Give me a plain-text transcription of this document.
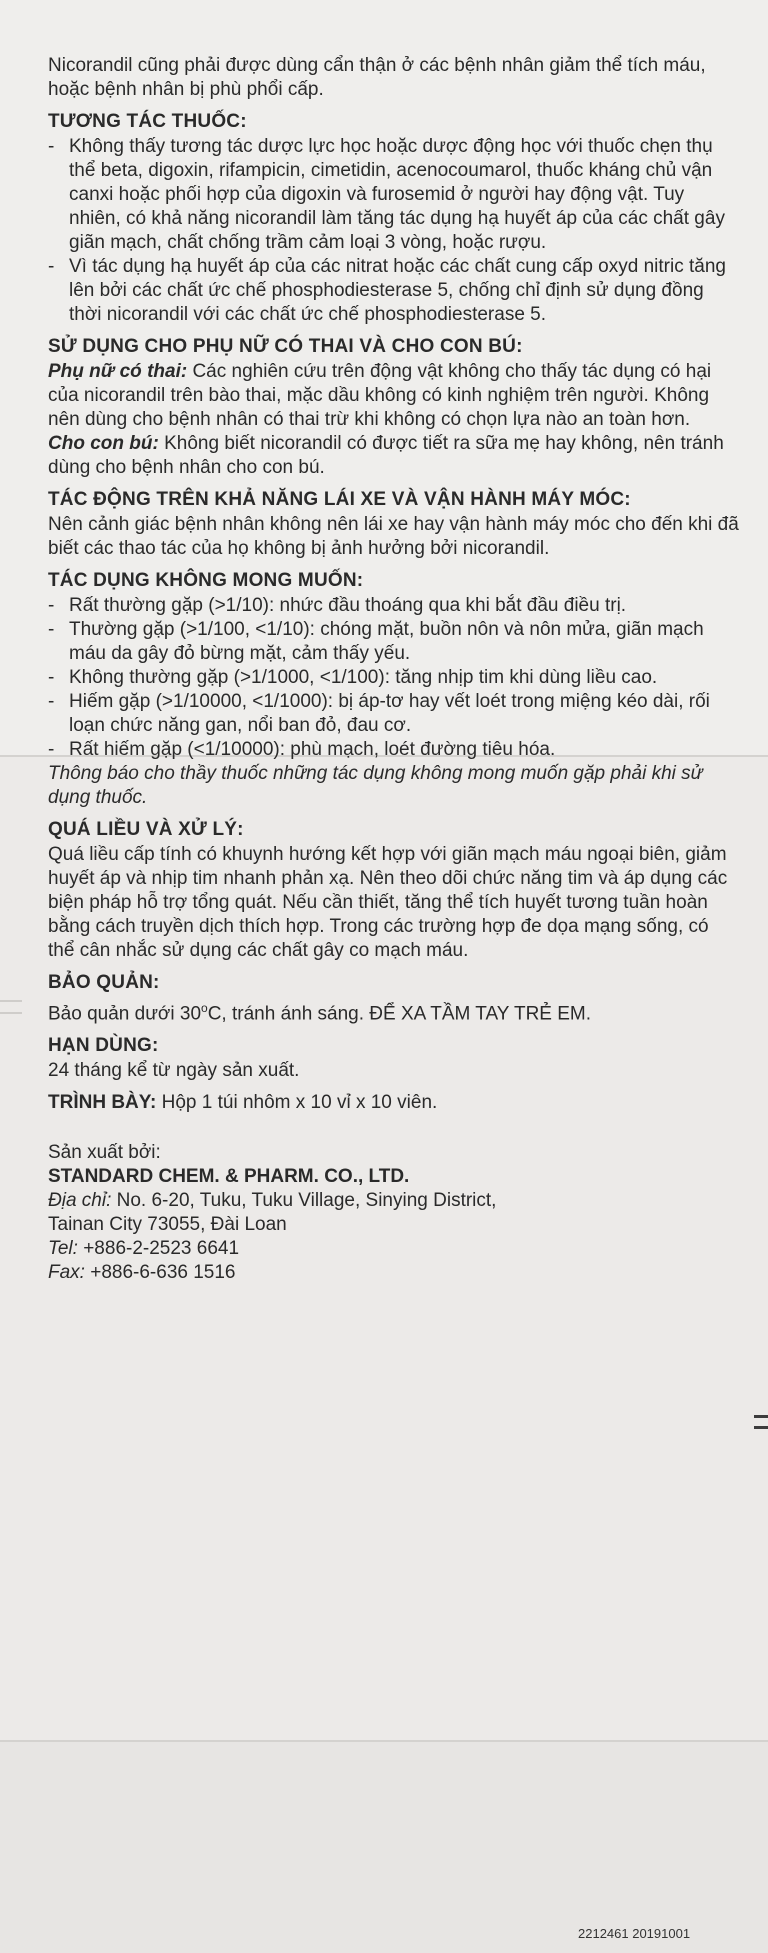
Nicorandil cũng phải được dùng cẩn thận ở các bệnh nhân giảm thể tích máu, hoặc bệnh nhân bị phù phổi cấp.

TƯƠNG TÁC THUỐC:
- Không thấy tương tác dược lực học hoặc dược động học với thuốc chẹn thụ thể beta, digoxin, rifampicin, cimetidin, acenocoumarol, thuốc kháng chủ vận canxi hoặc phối hợp của digoxin và furosemid ở người hay động vật. Tuy nhiên, có khả năng nicorandil làm tăng tác dụng hạ huyết áp của các chất gây giãn mạch, chất chống trầm cảm loại 3 vòng, hoặc rượu.
- Vì tác dụng hạ huyết áp của các nitrat hoặc các chất cung cấp oxyd nitric tăng lên bởi các chất ức chế phosphodiesterase 5, chống chỉ định sử dụng đồng thời nicorandil với các chất ức chế phosphodiesterase 5.
SỬ DỤNG CHO PHỤ NỮ CÓ THAI VÀ CHO CON BÚ:

Phụ nữ có thai: Các nghiên cứu trên động vật không cho thấy tác dụng có hại của nicorandil trên bào thai, mặc dầu không có kinh nghiệm trên người. Không nên dùng cho bệnh nhân có thai trừ khi không có chọn lựa nào an toàn hơn.

Cho con bú: Không biết nicorandil có được tiết ra sữa mẹ hay không, nên tránh dùng cho bệnh nhân cho con bú.

TÁC ĐỘNG TRÊN KHẢ NĂNG LÁI XE VÀ VẬN HÀNH MÁY MÓC:

Nên cảnh giác bệnh nhân không nên lái xe hay vận hành máy móc cho đến khi đã biết các thao tác của họ không bị ảnh hưởng bởi nicorandil.

TÁC DỤNG KHÔNG MONG MUỐN:
- Rất thường gặp (>1/10): nhức đầu thoáng qua khi bắt đầu điều trị.
- Thường gặp (>1/100, <1/10): chóng mặt, buồn nôn và nôn mửa, giãn mạch máu da gây đỏ bừng mặt, cảm thấy yếu.
- Không thường gặp (>1/1000, <1/100): tăng nhịp tim khi dùng liều cao.
- Hiếm gặp (>1/10000, <1/1000): bị áp-tơ hay vết loét trong miệng kéo dài, rối loạn chức năng gan, nổi ban đỏ, đau cơ.
- Rất hiếm gặp (<1/10000): phù mạch, loét đường tiêu hóa.

Thông báo cho thầy thuốc những tác dụng không mong muốn gặp phải khi sử dụng thuốc.

QUÁ LIỀU VÀ XỬ LÝ:

Quá liều cấp tính có khuynh hướng kết hợp với giãn mạch máu ngoại biên, giảm huyết áp và nhịp tim nhanh phản xạ. Nên theo dõi chức năng tim và áp dụng các biện pháp hỗ trợ tổng quát. Nếu cần thiết, tăng thể tích huyết tương tuần hoàn bằng cách truyền dịch thích hợp. Trong các trường hợp đe dọa mạng sống, có thể cân nhắc sử dụng các chất gây co mạch máu.

BẢO QUẢN:

Bảo quản dưới 30$^o$C, tránh ánh sáng. ĐỂ XA TẦM TAY TRẺ EM.

HẠN DÙNG:

24 tháng kể từ ngày sản xuất.

TRÌNH BÀY: Hộp 1 túi nhôm x 10 vỉ x 10 viên.

Sản xuất bởi:

STANDARD CHEM. & PHARM. CO., LTD.

Địa chỉ: No. 6-20, Tuku, Tuku Village, Sinying District,

Tainan City 73055, Đài Loan

Tel: +886-2-2523 6641

Fax: +886-6-636 1516

2212461 20191001
